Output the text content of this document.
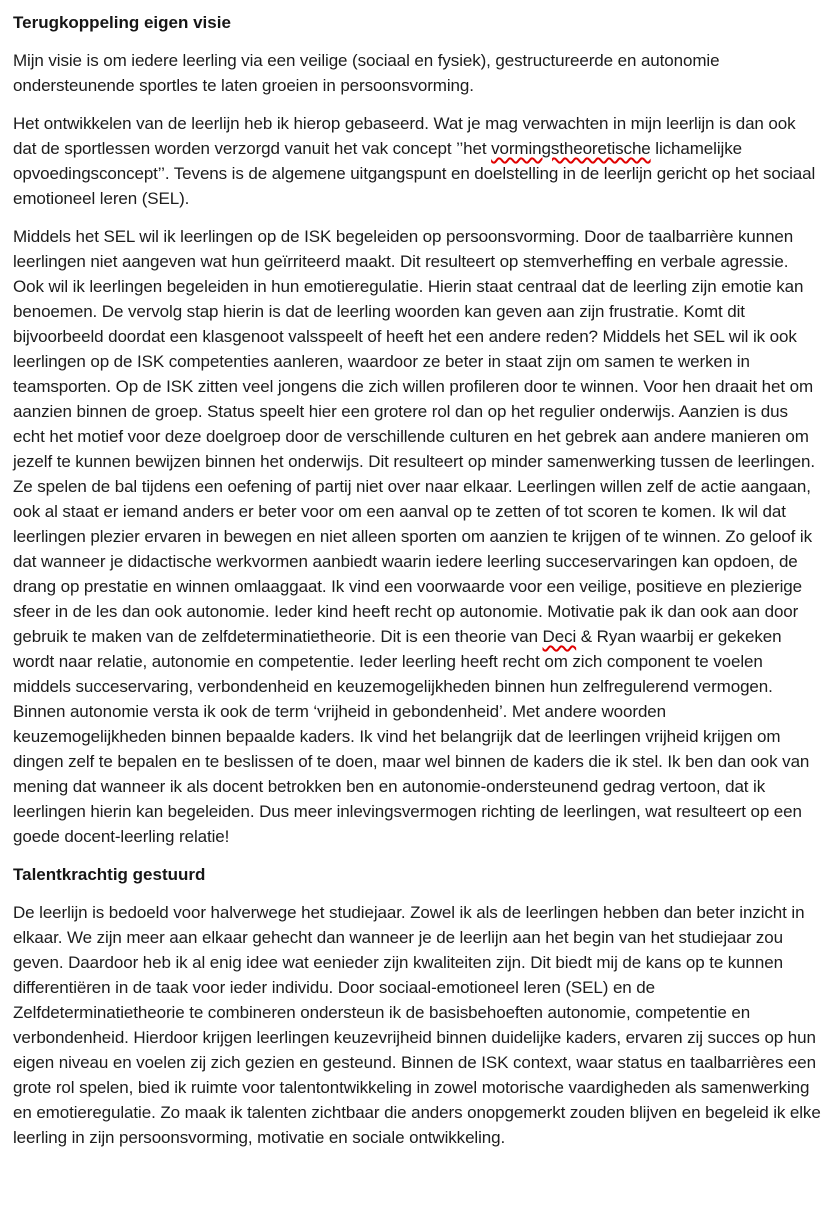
Terugkoppeling eigen visie

Mijn visie is om iedere leerling via een veilige (sociaal en fysiek), gestructureerde en autonomie ondersteunende sportles te laten groeien in persoonsvorming.

Het ontwikkelen van de leerlijn heb ik hierop gebaseerd. Wat je mag verwachten in mijn leerlijn is dan ook dat de sportlessen worden verzorgd vanuit het vak concept ’’het vormingstheoretische lichamelijke opvoedingsconcept’’. Tevens is de algemene uitgangspunt en doelstelling in de leerlijn gericht op het sociaal emotioneel leren (SEL).

Middels het SEL wil ik leerlingen op de ISK begeleiden op persoonsvorming. Door de taalbarrière kunnen leerlingen niet aangeven wat hun geïrriteerd maakt. Dit resulteert op stemverheffing en verbale agressie. Ook wil ik leerlingen begeleiden in hun emotieregulatie. Hierin staat centraal dat de leerling zijn emotie kan benoemen. De vervolg stap hierin is dat de leerling woorden kan geven aan zijn frustratie. Komt dit bijvoorbeeld doordat een klasgenoot valsspeelt of heeft het een andere reden? Middels het SEL wil ik ook leerlingen op de ISK competenties aanleren, waardoor ze beter in staat zijn om samen te werken in teamsporten. Op de ISK zitten veel jongens die zich willen profileren door te winnen. Voor hen draait het om aanzien binnen de groep. Status speelt hier een grotere rol dan op het regulier onderwijs. Aanzien is dus echt het motief voor deze doelgroep door de verschillende culturen en het gebrek aan andere manieren om jezelf te kunnen bewijzen binnen het onderwijs. Dit resulteert op minder samenwerking tussen de leerlingen. Ze spelen de bal tijdens een oefening of partij niet over naar elkaar. Leerlingen willen zelf de actie aangaan, ook al staat er iemand anders er beter voor om een aanval op te zetten of tot scoren te komen. Ik wil dat leerlingen plezier ervaren in bewegen en niet alleen sporten om aanzien te krijgen of te winnen. Zo geloof ik dat wanneer je didactische werkvormen aanbiedt waarin iedere leerling succeservaringen kan opdoen, de drang op prestatie en winnen omlaaggaat. Ik vind een voorwaarde voor een veilige, positieve en plezierige sfeer in de les dan ook autonomie. Ieder kind heeft recht op autonomie. Motivatie pak ik dan ook aan door gebruik te maken van de zelfdeterminatietheorie. Dit is een theorie van Deci & Ryan waarbij er gekeken wordt naar relatie, autonomie en competentie. Ieder leerling heeft recht om zich component te voelen middels succeservaring, verbondenheid en keuzemogelijkheden binnen hun zelfregulerend vermogen. Binnen autonomie versta ik ook de term ‘vrijheid in gebondenheid’. Met andere woorden keuzemogelijkheden binnen bepaalde kaders. Ik vind het belangrijk dat de leerlingen vrijheid krijgen om dingen zelf te bepalen en te beslissen of te doen, maar wel binnen de kaders die ik stel. Ik ben dan ook van mening dat wanneer ik als docent betrokken ben en autonomie-ondersteunend gedrag vertoon, dat ik leerlingen hierin kan begeleiden. Dus meer inlevingsvermogen richting de leerlingen, wat resulteert op een goede docent-leerling relatie!

Talentkrachtig gestuurd

De leerlijn is bedoeld voor halverwege het studiejaar. Zowel ik als de leerlingen hebben dan beter inzicht in elkaar. We zijn meer aan elkaar gehecht dan wanneer je de leerlijn aan het begin van het studiejaar zou geven. Daardoor heb ik al enig idee wat eenieder zijn kwaliteiten zijn. Dit biedt mij de kans op te kunnen differentiëren in de taak voor ieder individu. Door sociaal-emotioneel leren (SEL) en de Zelfdeterminatietheorie te combineren ondersteun ik de basisbehoeften autonomie, competentie en verbondenheid. Hierdoor krijgen leerlingen keuzevrijheid binnen duidelijke kaders, ervaren zij succes op hun eigen niveau en voelen zij zich gezien en gesteund. Binnen de ISK context, waar status en taalbarrières een grote rol spelen, bied ik ruimte voor talentontwikkeling in zowel motorische vaardigheden als samenwerking en emotieregulatie. Zo maak ik talenten zichtbaar die anders onopgemerkt zouden blijven en begeleid ik elke leerling in zijn persoonsvorming, motivatie en sociale ontwikkeling.
